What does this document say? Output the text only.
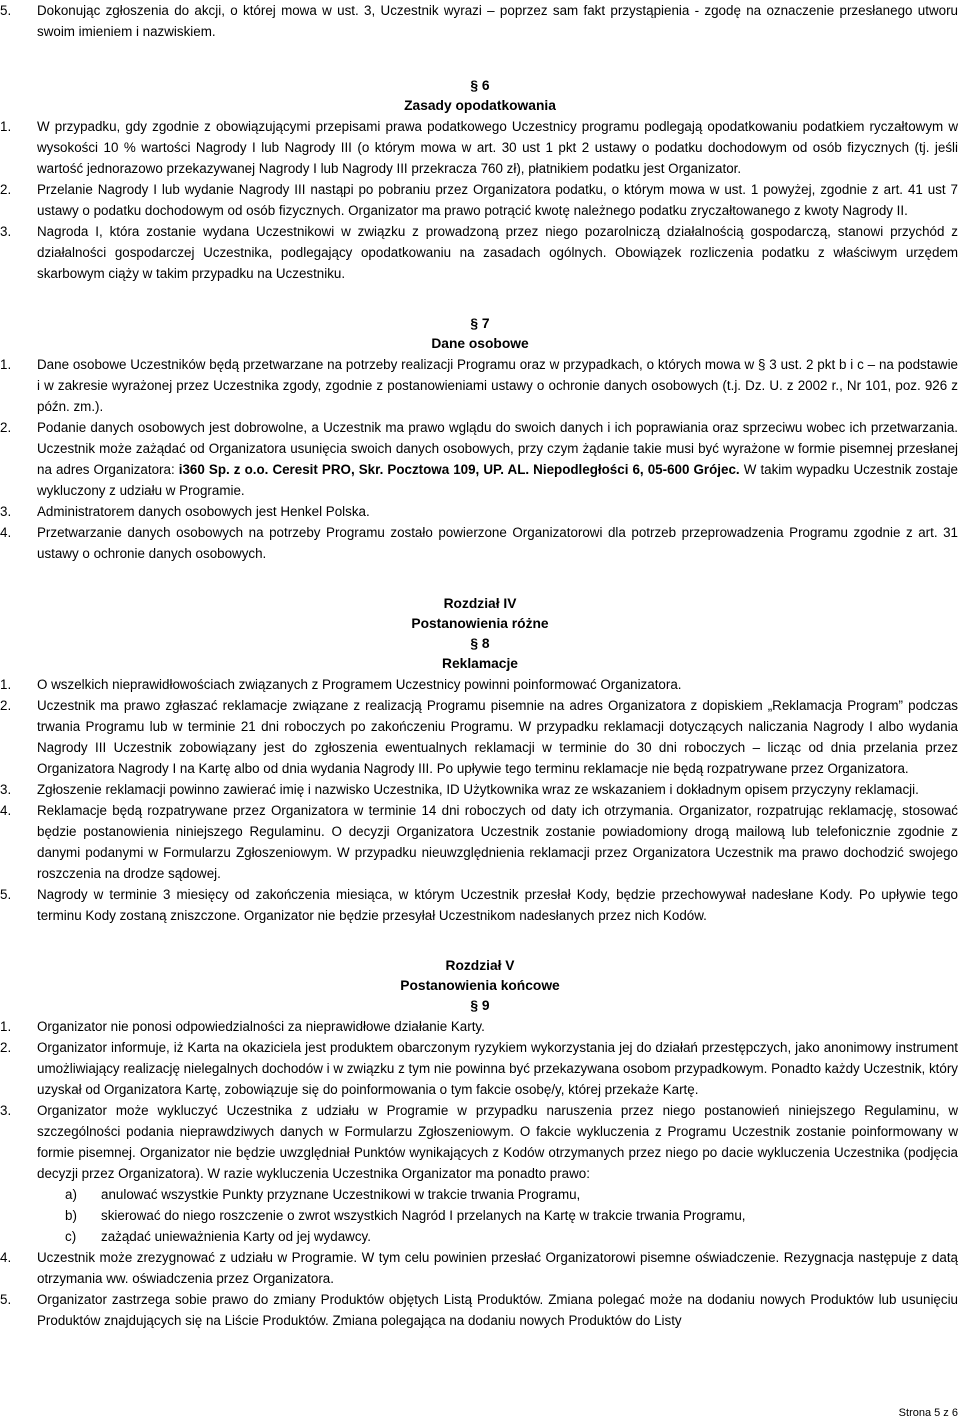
5. Dokonując zgłoszenia do akcji, o której mowa w ust. 3, Uczestnik wyrazi – poprzez sam fakt przystąpienia - zgodę na oznaczenie przesłanego utworu swoim imieniem i nazwiskiem.
§ 6
Zasady opodatkowania
1. W przypadku, gdy zgodnie z obowiązującymi przepisami prawa podatkowego Uczestnicy programu podlegają opodatkowaniu podatkiem ryczałtowym w wysokości 10 % wartości Nagrody I lub Nagrody III (o którym mowa w art. 30 ust 1 pkt 2 ustawy o podatku dochodowym od osób fizycznych (tj. jeśli wartość jednorazowo przekazywanej Nagrody I lub Nagrody III przekracza 760 zł), płatnikiem podatku jest Organizator.
2. Przelanie Nagrody I lub wydanie Nagrody III nastąpi po pobraniu przez Organizatora podatku, o którym mowa w ust. 1 powyżej, zgodnie z art. 41 ust 7 ustawy o podatku dochodowym od osób fizycznych. Organizator ma prawo potrącić kwotę należnego podatku zryczałtowanego z kwoty Nagrody II.
3. Nagroda I, która zostanie wydana Uczestnikowi w związku z prowadzoną przez niego pozarolniczą działalnością gospodarczą, stanowi przychód z działalności gospodarczej Uczestnika, podlegający opodatkowaniu na zasadach ogólnych. Obowiązek rozliczenia podatku z właściwym urzędem skarbowym ciąży w takim przypadku na Uczestniku.
§ 7
Dane osobowe
1. Dane osobowe Uczestników będą przetwarzane na potrzeby realizacji Programu oraz w przypadkach, o których mowa w § 3 ust. 2 pkt b i c – na podstawie i w zakresie wyrażonej przez Uczestnika zgody, zgodnie z postanowieniami ustawy o ochronie danych osobowych (t.j. Dz. U. z 2002 r., Nr 101, poz. 926 z późn. zm.).
2. Podanie danych osobowych jest dobrowolne, a Uczestnik ma prawo wglądu do swoich danych i ich poprawiania oraz sprzeciwu wobec ich przetwarzania. Uczestnik może zażądać od Organizatora usunięcia swoich danych osobowych, przy czym żądanie takie musi być wyrażone w formie pisemnej przesłanej na adres Organizatora: i360 Sp. z o.o. Ceresit PRO, Skr. Pocztowa 109, UP. AL. Niepodległości 6, 05-600 Grójec. W takim wypadku Uczestnik zostaje wykluczony z udziału w Programie.
3. Administratorem danych osobowych jest Henkel Polska.
4. Przetwarzanie danych osobowych na potrzeby Programu zostało powierzone Organizatorowi dla potrzeb przeprowadzenia Programu zgodnie z art. 31 ustawy o ochronie danych osobowych.
Rozdział IV
Postanowienia różne
§ 8
Reklamacje
1. O wszelkich nieprawidłowościach związanych z Programem Uczestnicy powinni poinformować Organizatora.
2. Uczestnik ma prawo zgłaszać reklamacje związane z realizacją Programu pisemnie na adres Organizatora z dopiskiem „Reklamacja Program” podczas trwania Programu lub w terminie 21 dni roboczych po zakończeniu Programu. W przypadku reklamacji dotyczących naliczania Nagrody I albo wydania Nagrody III Uczestnik zobowiązany jest do zgłoszenia ewentualnych reklamacji w terminie do 30 dni roboczych – licząc od dnia przelania przez Organizatora Nagrody I na Kartę albo od dnia wydania Nagrody III. Po upływie tego terminu reklamacje nie będą rozpatrywane przez Organizatora.
3. Zgłoszenie reklamacji powinno zawierać imię i nazwisko Uczestnika, ID Użytkownika wraz ze wskazaniem i dokładnym opisem przyczyny reklamacji.
4. Reklamacje będą rozpatrywane przez Organizatora w terminie 14 dni roboczych od daty ich otrzymania. Organizator, rozpatrując reklamację, stosować będzie postanowienia niniejszego Regulaminu. O decyzji Organizatora Uczestnik zostanie powiadomiony drogą mailową lub telefonicznie zgodnie z danymi podanymi w Formularzu Zgłoszeniowym. W przypadku nieuwzględnienia reklamacji przez Organizatora Uczestnik ma prawo dochodzić swojego roszczenia na drodze sądowej.
5. Nagrody w terminie 3 miesięcy od zakończenia miesiąca, w którym Uczestnik przesłał Kody, będzie przechowywał nadesłane Kody. Po upływie tego terminu Kody zostaną zniszczone. Organizator nie będzie przesyłał Uczestnikom nadesłanych przez nich Kodów.
Rozdział V
Postanowienia końcowe
§ 9
1. Organizator nie ponosi odpowiedzialności za nieprawidłowe działanie Karty.
2. Organizator informuje, iż Karta na okaziciela jest produktem obarczonym ryzykiem wykorzystania jej do działań przestępczych, jako anonimowy instrument umożliwiający realizację nielegalnych dochodów i w związku z tym nie powinna być przekazywana osobom przypadkowym. Ponadto każdy Uczestnik, który uzyskał od Organizatora Kartę, zobowiązuje się do poinformowania o tym fakcie osobę/y, której przekaże Kartę.
3. Organizator może wykluczyć Uczestnika z udziału w Programie w przypadku naruszenia przez niego postanowień niniejszego Regulaminu, w szczególności podania nieprawdziwych danych w Formularzu Zgłoszeniowym. O fakcie wykluczenia z Programu Uczestnik zostanie poinformowany w formie pisemnej. Organizator nie będzie uwzględniał Punktów wynikających z Kodów otrzymanych przez niego po dacie wykluczenia Uczestnika (podjęcia decyzji przez Organizatora). W razie wykluczenia Uczestnika Organizator ma ponadto prawo:
a) anulować wszystkie Punkty przyznane Uczestnikowi w trakcie trwania Programu,
b) skierować do niego roszczenie o zwrot wszystkich Nagród I przelanych na Kartę w trakcie trwania Programu,
c) zażądać unieważnienia Karty od jej wydawcy.
4. Uczestnik może zrezygnować z udziału w Programie. W tym celu powinien przesłać Organizatorowi pisemne oświadczenie. Rezygnacja następuje z datą otrzymania ww. oświadczenia przez Organizatora.
5. Organizator zastrzega sobie prawo do zmiany Produktów objętych Listą Produktów. Zmiana polegać może na dodaniu nowych Produktów lub usunięciu Produktów znajdujących się na Liście Produktów. Zmiana polegająca na dodaniu nowych Produktów do Listy
Strona 5 z 6
